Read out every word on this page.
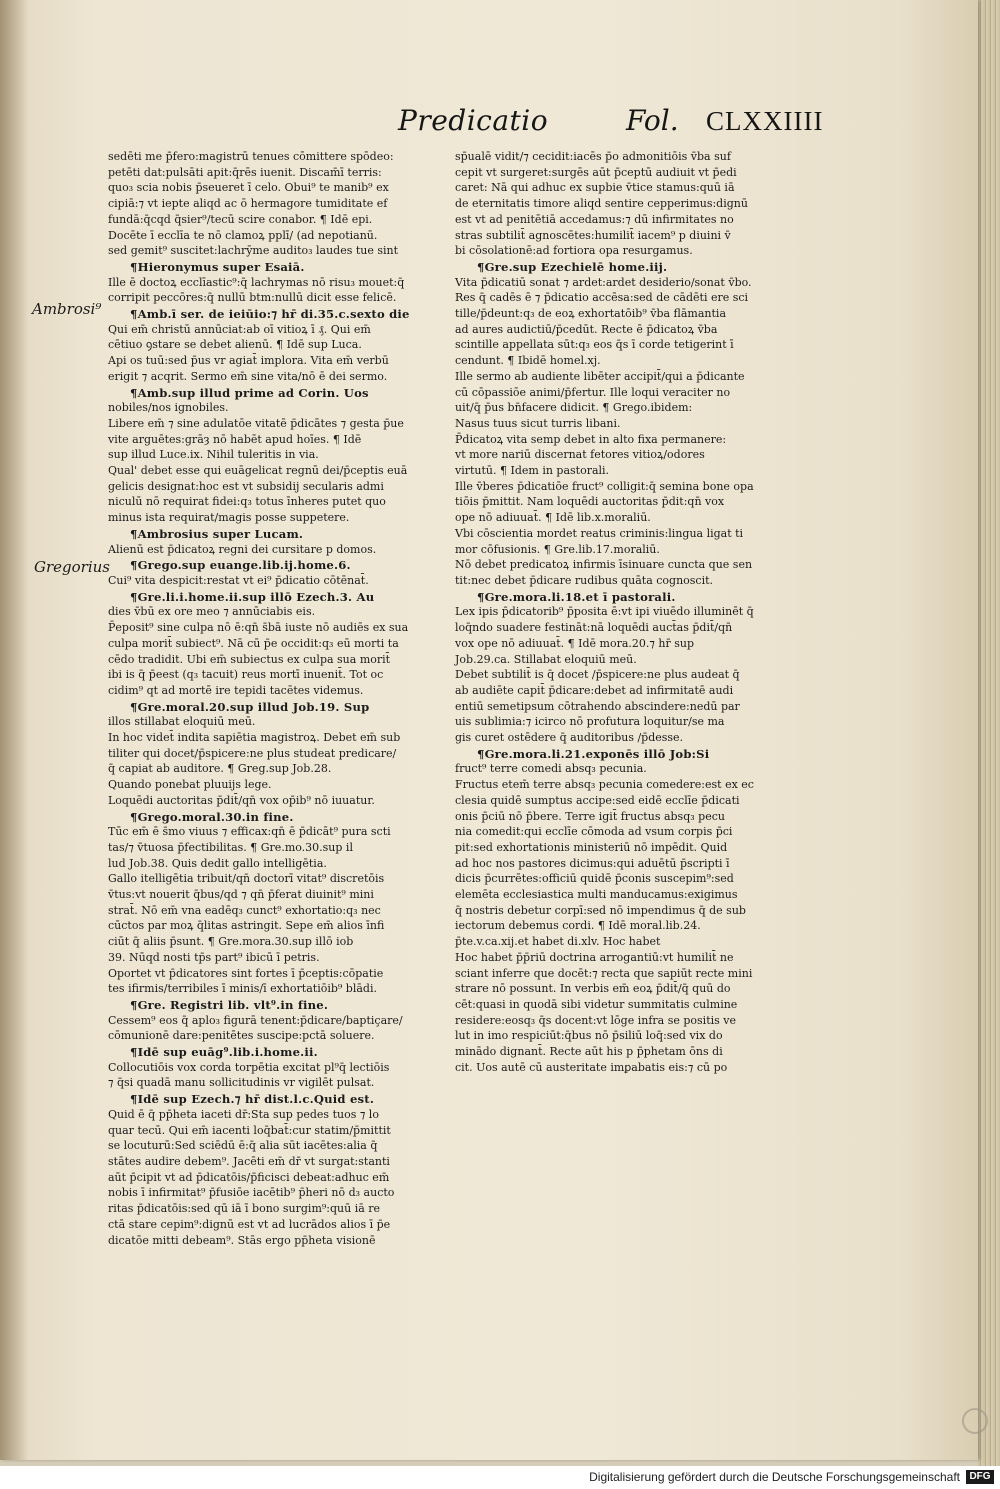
Predicatio	Fol. CLXXIIII
Ambrosi⁹
Gregorius

sedēti me p̄fero:magistrū tenues cōmittere spōdeo:

petēti dat:pulsāti apit:q̄rēs iuenit. Discam̄ī terris:

quo₃ scia nobis p̄seueret ī celo. Obui⁹ te manib⁹ ex

cipiā:⁊ vt iepte aliqd ac ō hermagore tumiditate ef

fundā:q̄cqd q̄sier⁹/tecū scire conabor. ¶ Idē epi.

Docēte ī ecclīa te nō clamoꝝ pplī/ (ad nepotianū.

sed gemit⁹ suscitet:lachrȳme audito₃ laudes tue sint

¶ Hieronymus super Esaiā.

Ille ē doctoꝝ ecclīastic⁹:q̄ lachrymas nō risu₃ mouet:q̄

corripit peccōres:q̄ nullū btm:nullū dicit esse felicē.

¶ Amb.ī ser. de ieiūio:⁊ hr̄ di.35.c.sexto die

Qui em̄ christū annūciat:ab oī vitioꝝ ī ₰. Qui em̄

cētiuo ꝯstare se debet alienū. ¶ Idē sup Luca.

Api os tuū:sed p̄us vr agiat̄ implora. Vita em̄ verbū

erigit ⁊ acqrit. Sermo em̄ sine vita/nō ē dei sermo.

¶ Amb.sup illud prime ad Corin. Uos

nobiles/nos ignobiles.

Libere em̄ ⁊ sine adulatōe vitatē p̄dicātes ⁊ gesta p̄ue

vite arguētes:grāȝ nō habēt apud hoīes. ¶ Idē

sup illud Luce.ix. Nihil tuleritis in via.

Qual' debet esse qui euāgelicat regnū dei/p̄ceptis euā

gelicis designat:hoc est vt subsidij secularis admi

niculū nō requirat fidei:q₃ totus īnheres putet quo

minus ista requirat/magis posse suppetere.

¶ Ambrosius super Lucam.

Alienū est p̄dicatoꝝ regni dei cursitare p domos.

¶ Grego.sup euange.lib.ij.home.6.

Cui⁹ vita despicit:restat vt ei⁹ p̄dicatio cōtēnat̄.

¶ Gre.li.i.home.ii.sup illō Ezech.3. Au

dies v̄bū ex ore meo ⁊ annūciabis eis.

P̄eposit⁹ sine culpa nō ē:qn̄ s̄bā iuste nō audiēs ex sua

culpa morit̄ subiect⁹. Nā cū p̄e occidit:q₃ eū morti ta

cēdo tradidit. Ubi em̄ subiectus ex culpa sua morit̄

ibi is q̄ p̄eest (q₃ tacuit) reus mortī inuenit̄. Tot oc

cidim⁹ qt ad mortē ire tepidi tacētes videmus.

¶ Gre.moral.20.sup illud Job.19. Sup

illos stillabat eloquiū meū.

In hoc videt̄ indita sapiētia magistroꝝ. Debet em̄ sub

tiliter qui docet/p̄spicere:ne plus studeat predicare/

q̄ capiat ab auditore. ¶ Greg.sup Job.28.

Quando ponebat pluuijs lege.

Loquēdi auctoritas p̄dit̄/qn̄ vox op̄ib⁹ nō iuuatur.

¶ Grego.moral.30.in fine.

Tūc em̄ ē s̄mo viuus ⁊ efficax:qn̄ ē p̄dicāt⁹ pura scti

tas/⁊ v̄tuosa p̄fectibilitas. ¶ Gre.mo.30.sup il

lud Job.38. Quis dedit gallo intelligētia.

Gallo itelligētia tribuit/qn̄ doctorī vitat⁹ discretōis

v̄tus:vt nouerit q̄bus/qd ⁊ qn̄ p̄ferat diuinit⁹ mini

strat̄. Nō em̄ vna eadēq₃ cunct⁹ exhortatio:q₃ nec

cūctos par moꝝ q̄litas astringit. Sepe em̄ alios īnfi

ciūt q̄ aliis p̄sunt. ¶ Gre.mora.30.sup illō iob

39. Nūqd nosti tp̄s part⁹ ibicū ī petris.

Oportet vt p̄dicatores sint fortes ī p̄ceptis:cōpatie

tes ifirmis/terribiles ī minis/ī exhortatiōib⁹ blādi.

¶ Gre. Registri lib. vlt⁹.in fine.

Cessem⁹ eos q̄ aplo₃ figurā tenent:p̄dicare/baptiçare/

cōmunionē dare:penitētes suscipe:pctā soluere.

¶ Idē sup euāg⁹.lib.i.home.ii.

Collocutiōis vox corda torpētia excitat pl⁹q̄ lectiōis

⁊ q̄si quadā manu sollicitudinis vr vigilēt pulsat.

¶ Idē sup Ezech.⁊ hr̄ dist.l.c.Quid est.

Quid ē q̄ pp̄heta iaceti dr̄:Sta sup pedes tuos ⁊ lo

quar tecū. Qui em̄ iacenti loq̄bat̄:cur statim/p̄mittit

se locuturū:Sed sciēdū ē:q̄ alia sūt iacētes:alia q̄

stātes audire debem⁹. Jacēti em̄ dr̄ vt surgat:stanti

aūt p̄cipit vt ad p̄dicatōis/p̄ficisci debeat:adhuc em̄

nobis ī infirmitat⁹ p̄fusiōe iacētib⁹ p̄heri nō d₃ aucto

ritas p̄dicatōis:sed qū iā ī bono surgim⁹:quū iā re

ctā stare cepim⁹:dignū est vt ad lucrādos alios ī p̄e

dicatōe mitti debeam⁹. Stās ergo pp̄heta visionē

sp̄ualē vidit/⁊ cecidit:iacēs p̄o admonitiōis v̄ba suf

cepit vt surgeret:surgēs aūt p̄ceptū audiuit vt p̄edi

caret: Nā qui adhuc ex supbie v̄tice stamus:quū iā

de eternitatis timore aliqd sentire cepperimus:dignū

est vt ad penitētiā accedamus:⁊ dū infirmitates no

stras subtilit̄ agnoscētes:humilit̄ iacem⁹ p diuini v̄

bi cōsolationē:ad fortiora opa resurgamus.

¶ Gre.sup Ezechielē home.iij.

Vita p̄dicatiū sonat ⁊ ardet:ardet desiderio/sonat v̄bo.

Res q̄ cadēs ē ⁊ p̄dicatio accēsa:sed de cādēti ere sci

tille/p̄deunt:q₃ de eoꝝ exhortatōib⁹ v̄ba flāmantia

ad aures audictiū/p̄cedūt. Recte ē p̄dicatoꝝ v̄ba

scintille appellata sūt:q₃ eos q̄s ī corde tetigerint ī

cendunt. ¶ Ibidē homel.xj.

Ille sermo ab audiente libēter accipit̄/qui a p̄dicante

cū cōpassiōe animi/p̄fertur. Ille loqui veraciter no

uit/q̄ p̄us bn̄facere didicit. ¶ Grego.ibidem:

Nasus tuus sicut turris libani.

P̄dicatoꝝ vita semp debet in alto fixa permanere:

vt more nariū discernat fetores vitioꝝ/odores

virtutū. ¶ Idem in pastorali.

Ille v̄beres p̄dicatiōe fruct⁹ colligit:q̄ semina bone opa

tiōis p̄mittit. Nam loquēdi auctoritas p̄dit:qn̄ vox

ope nō adiuuat̄. ¶ Idē lib.x.moraliū.

Vbi cōscientia mordet reatus criminis:lingua ligat ti

mor cōfusionis. ¶ Gre.lib.17.moraliū.

Nō debet predicatoꝝ infirmis īsinuare cuncta que sen

tit:nec debet p̄dicare rudibus quāta cognoscit.

¶ Gre.mora.li.18.et ī pastorali.

Lex ipis p̄dicatorib⁹ p̄posita ē:vt ipi viuēdo illuminēt q̄

loq̄ndo suadere festināt:nā loquēdi auct̄as p̄dit̄/qn̄

vox ope nō adiuuat̄. ¶ Idē mora.20.⁊ hr̄ sup

Job.29.ca. Stillabat eloquiū meū.

Debet subtilit̄ is q̄ docet /p̄spicere:ne plus audeat q̄

ab audiēte capit̄ p̄dicare:debet ad infirmitatē audi

entiū semetipsum cōtrahendo abscindere:nedū par

uis sublimia:⁊ icirco nō profutura loquitur/se ma

gis curet ostēdere q̄ auditoribus /p̄desse.

¶ Gre.mora.li.21.exponēs illō Job:Si

fruct⁹ terre comedi absq₃ pecunia.

Fructus etem̄ terre absq₃ pecunia comedere:est ex ec

clesia quidē sumptus accipe:sed eidē ecclīe p̄dicati

onis p̄ciū nō p̄bere. Terre igit̄ fructus absq₃ pecu

nia comedit:qui ecclīe cōmoda ad vsum corpis p̄ci

pit:sed exhortationis ministeriū nō impēdit. Quid

ad hoc nos pastores dicimus:qui aduētū p̄scripti ī

dicis p̄currētes:officiū quidē p̄conis suscepim⁹:sed

elemēta ecclesiastica multi manducamus:exigimus

q̄ nostris debetur corpī:sed nō impendimus q̄ de sub

iectorum debemus cordi. ¶ Idē moral.lib.24.

p̄te.v.ca.xij.et habet di.xlv. Hoc habet

Hoc habet p̄p̄riū doctrina arrogantiū:vt humilit̄ ne

sciant inferre que docēt:⁊ recta que sapiūt recte mini

strare nō possunt. In verbis em̄ eoꝝ p̄dit̄/q̄ quū do

cēt:quasi in quodā sibi videtur summitatis culmine

residere:eosq₃ q̄s docent:vt lōge infra se positis ve

lut in imo respiciūt:q̄bus nō p̄siliū loq̄:sed vix do

minādo dignant̄. Recte aūt his p p̄phetam ōns di

cit. Uos autē cū austeritate imꝑabatis eis:⁊ cū po

Digitalisierung gefördert durch die Deutsche Forschungsgemeinschaft DFG
